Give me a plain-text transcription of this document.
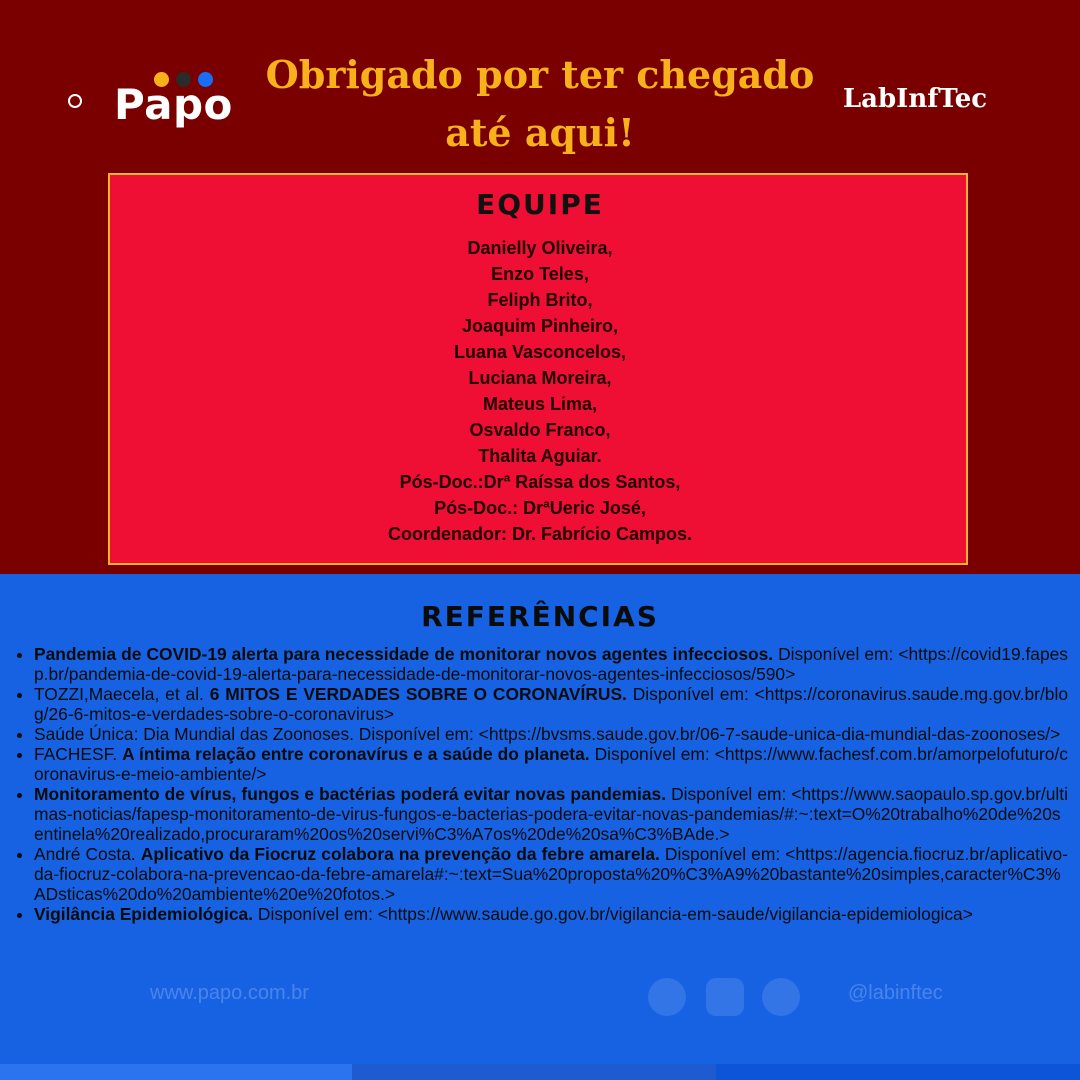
Papo
Obrigado por ter chegado
até aqui!
LabInfTec
EQUIPE
Danielly Oliveira,
Enzo Teles,
Feliph Brito,
Joaquim Pinheiro,
Luana Vasconcelos,
Luciana Moreira,
Mateus Lima,
Osvaldo Franco,
Thalita Aguiar.
Pós-Doc.:Drª Raíssa dos Santos,
Pós-Doc.: DrªUeric José,
Coordenador: Dr. Fabrício Campos.
www.papo.com.br	@labinftec
REFERÊNCIAS
• Pandemia de COVID-19 alerta para necessidade de monitorar novos agentes infecciosos. Disponível em: <https://covid19.fapesp.br/pandemia-de-covid-19-alerta-para-necessidade-de-monitorar-novos-agentes-infecciosos/590>
• TOZZI,Maecela, et al. 6 MITOS E VERDADES SOBRE O CORONAVÍRUS. Disponível em: <https://coronavirus.saude.mg.gov.br/blog/26-6-mitos-e-verdades-sobre-o-coronavirus>
• Saúde Única: Dia Mundial das Zoonoses. Disponível em: <https://bvsms.saude.gov.br/06-7-saude-unica-dia-mundial-das-zoonoses/>
• FACHESF. A íntima relação entre coronavírus e a saúde do planeta. Disponível em: <https://www.fachesf.com.br/amorpelofuturo/coronavirus-e-meio-ambiente/>
• Monitoramento de vírus, fungos e bactérias poderá evitar novas pandemias. Disponível em: <https://www.saopaulo.sp.gov.br/ultimas-noticias/fapesp-monitoramento-de-virus-fungos-e-bacterias-podera-evitar-novas-pandemias/#:~:text=O%20trabalho%20de%20sentinela%20realizado,procuraram%20os%20servi%C3%A7os%20de%20sa%C3%BAde.>
• André Costa. Aplicativo da Fiocruz colabora na prevenção da febre amarela. Disponível em: <https://agencia.fiocruz.br/aplicativo-da-fiocruz-colabora-na-prevencao-da-febre-amarela#:~:text=Sua%20proposta%20%C3%A9%20bastante%20simples,caracter%C3%ADsticas%20do%20ambiente%20e%20fotos.>
• Vigilância Epidemiológica. Disponível em: <https://www.saude.go.gov.br/vigilancia-em-saude/vigilancia-epidemiologica>
